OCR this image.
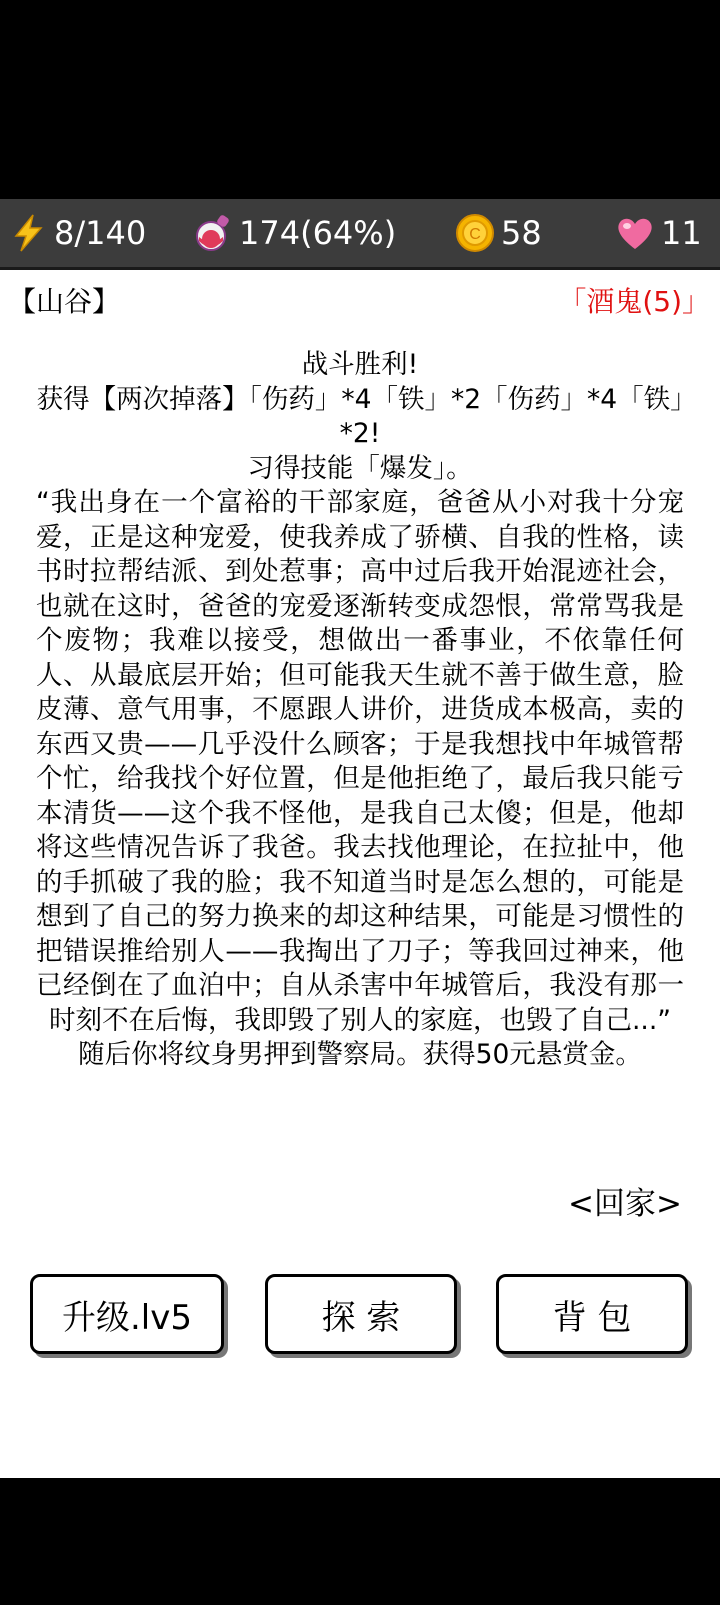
8/140	174(64%)	C 58	11
【山谷】	「酒鬼(5)」

战斗胜利!

获得【两次掉落】「伤药」*4「铁」*2「伤药」*4「铁」*2!

习得技能「爆发」。

“我出身在一个富裕的干部家庭，爸爸从小对我十分宠爱，正是这种宠爱，使我养成了骄横、自我的性格，读书时拉帮结派、到处惹事；高中过后我开始混迹社会，也就在这时，爸爸的宠爱逐渐转变成怨恨，常常骂我是个废物；我难以接受，想做出一番事业，不依靠任何人、从最底层开始；但可能我天生就不善于做生意，脸皮薄、意气用事，不愿跟人讲价，进货成本极高，卖的东西又贵——几乎没什么顾客；于是我想找中年城管帮个忙，给我找个好位置，但是他拒绝了，最后我只能亏本清货——这个我不怪他，是我自己太傻；但是，他却将这些情况告诉了我爸。我去找他理论，在拉扯中，他的手抓破了我的脸；我不知道当时是怎么想的，可能是想到了自己的努力换来的却这种结果，可能是习惯性的把错误推给别人——我掏出了刀子；等我回过神来，他已经倒在了血泊中；自从杀害中年城管后，我没有那一时刻不在后悔，我即毁了别人的家庭，也毁了自己...”

随后你将纹身男押到警察局。获得50元悬赏金。

<回家>
升级.lv5	探 索	背 包
